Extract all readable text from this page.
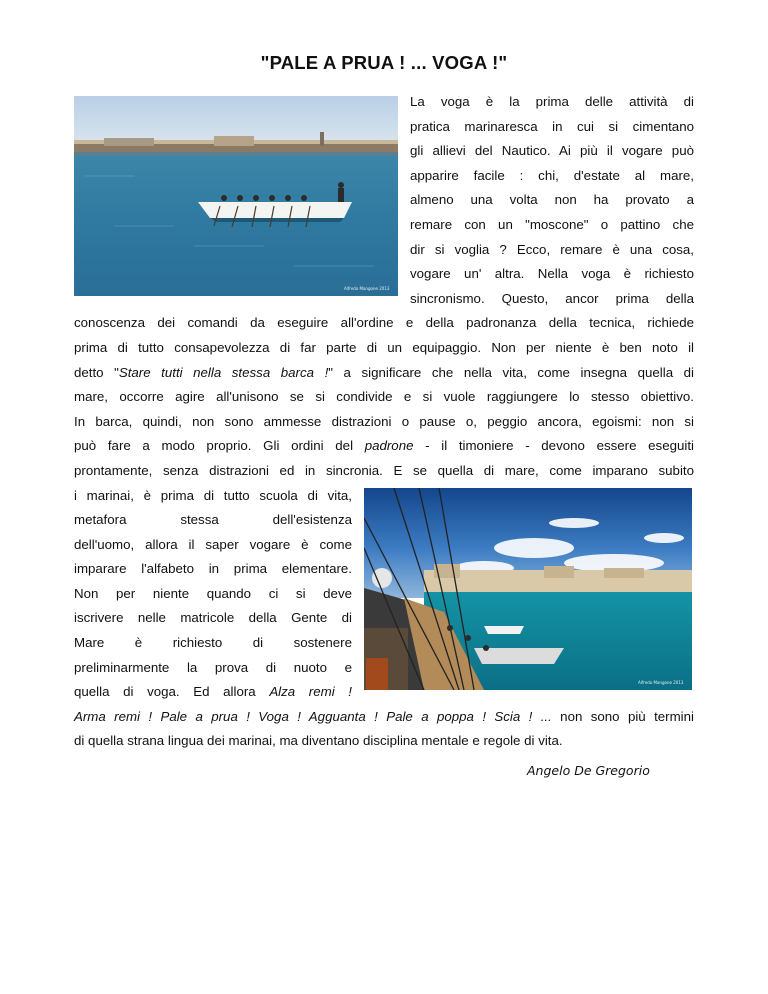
"PALE A PRUA ! ... VOGA !"
Alfredo Mangone 2013
Alfredo Mangone 2013
La voga è la prima delle attività di
pratica marinaresca in cui si cimentano
gli allievi del Nautico. Ai più il vogare può
apparire facile : chi, d'estate al mare,
almeno una volta non ha provato a
remare con un "moscone" o pattino che
dir si voglia ? Ecco, remare è una cosa,
vogare un' altra. Nella voga è richiesto
sincronismo. Questo, ancor prima della
conoscenza dei comandi da eseguire all'ordine e della padronanza della tecnica, richiede
prima di tutto consapevolezza di far parte di un equipaggio. Non per niente è ben noto il
detto "Stare tutti nella stessa barca !" a significare che nella vita, come insegna quella di
mare, occorre agire all'unisono se si condivide e si vuole raggiungere lo stesso obiettivo.
In barca, quindi, non sono ammesse distrazioni o pause o, peggio ancora, egoismi: non si
può fare a modo proprio. Gli ordini del padrone - il timoniere - devono essere eseguiti
prontamente, senza distrazioni ed in sincronia. E se quella di mare, come imparano subito
i marinai, è prima di tutto scuola di vita,
metafora stessa dell'esistenza
dell'uomo, allora il saper vogare è come
imparare l'alfabeto in prima elementare.
Non per niente quando ci si deve
iscrivere nelle matricole della Gente di
Mare è richiesto di sostenere
preliminarmente la prova di nuoto e
quella di voga. Ed allora Alza remi !
Arma remi ! Pale a prua ! Voga ! Agguanta ! Pale a poppa ! Scia ! ... non sono più termini
di quella strana lingua dei marinai, ma diventano disciplina mentale e regole di vita.
Angelo De Gregorio
